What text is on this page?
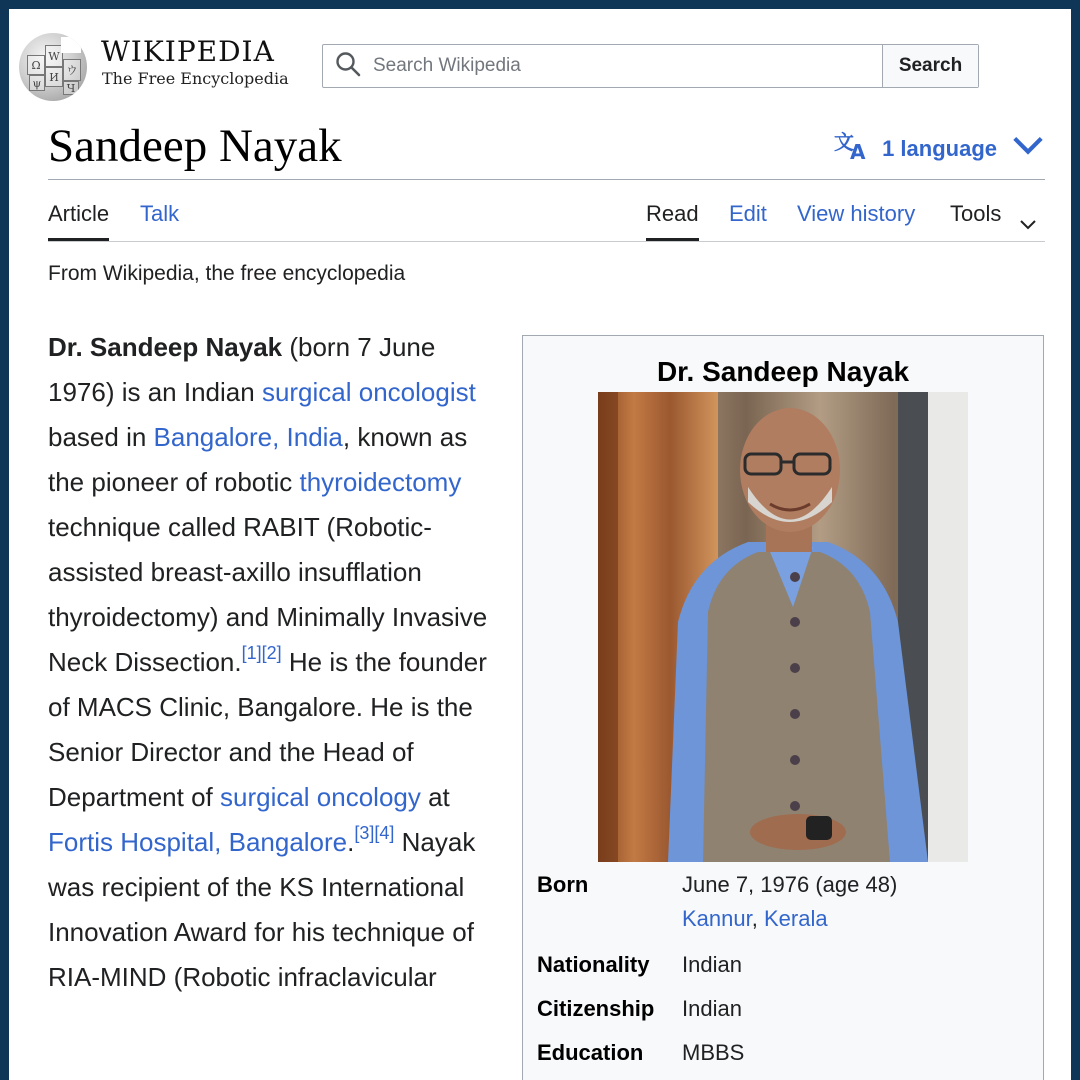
Ω
W
И ウ
ψ	Ч
WIKIPEDIA
The Free Encyclopedia
Search Wikipedia
Search
Sandeep Nayak	文
A 1 language
Article Talk	Read Edit View history Tools
From Wikipedia, the free encyclopedia
Dr. Sandeep Nayak (born 7 June 1976) is an Indian surgical oncologist based in Bangalore, India, known as the pioneer of robotic thyroidectomy technique called RABIT (Robotic-assisted breast-axillo insufflation thyroidectomy) and Minimally Invasive Neck Dissection.[1][2] He is the founder of MACS Clinic, Bangalore. He is the Senior Director and the Head of Department of surgical oncology at Fortis Hospital, Bangalore.[3][4] Nayak was recipient of the KS International Innovation Award for his technique of RIA-MIND (Robotic infraclavicular
Dr. Sandeep Nayak
Born	June 7, 1976 (age 48)
Kannur, Kerala
Nationality	Indian
Citizenship	Indian
Education	MBBS
